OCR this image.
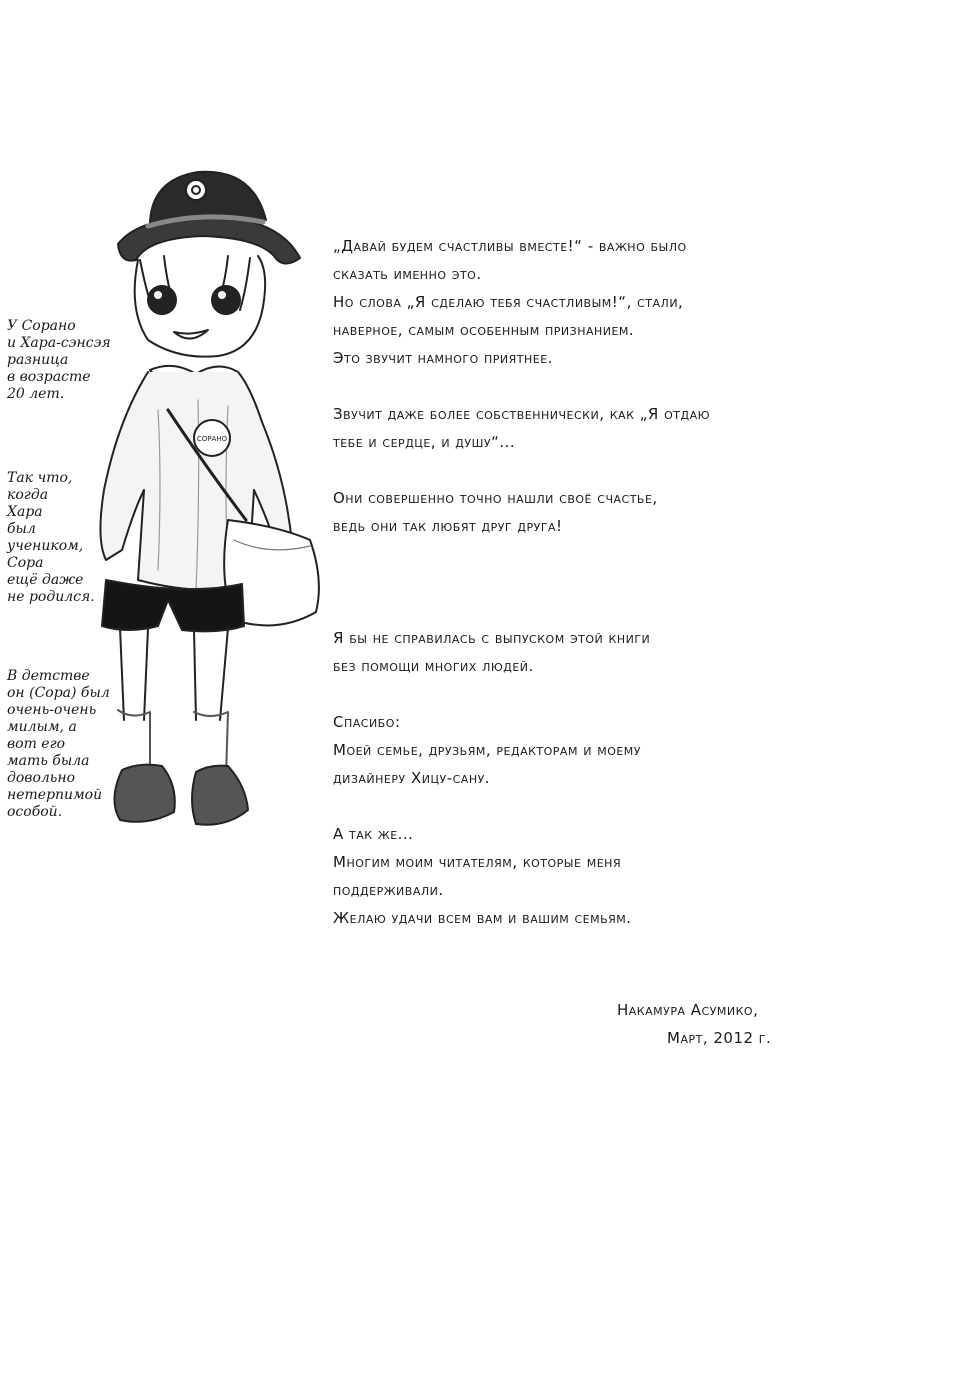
У Сорано
и Хара-сэнсэя
разница
в возрасте
20 лет.
Так что,
когда
Хара
был
учеником,
Сора
ещё даже
не родился.
В детстве
он (Сора) был
очень-очень
милым, а
вот его
мать была
довольно
нетерпимой
особой.
СОРАНО
„Давай будем счастливы вместе!“ - важно было
сказать именно это.
Но слова „Я сделаю тебя счастливым!“, стали,
наверное, самым особенным признанием.
Это звучит намного приятнее.
Звучит даже более собственнически, как „Я отдаю
тебе и сердце, и душу“...
Они совершенно точно нашли своё счастье,
ведь они так любят друг друга!
Я бы не справилась с выпуском этой книги
без помощи многих людей.
Спасибо:
Моей семье, друзьям, редакторам и моему
дизайнеру Хицу-сану.
А так же...
Многим моим читателям, которые меня
поддерживали.
Желаю удачи всем вам и вашим семьям.
Накамура Асумико,
Март, 2012 г.
